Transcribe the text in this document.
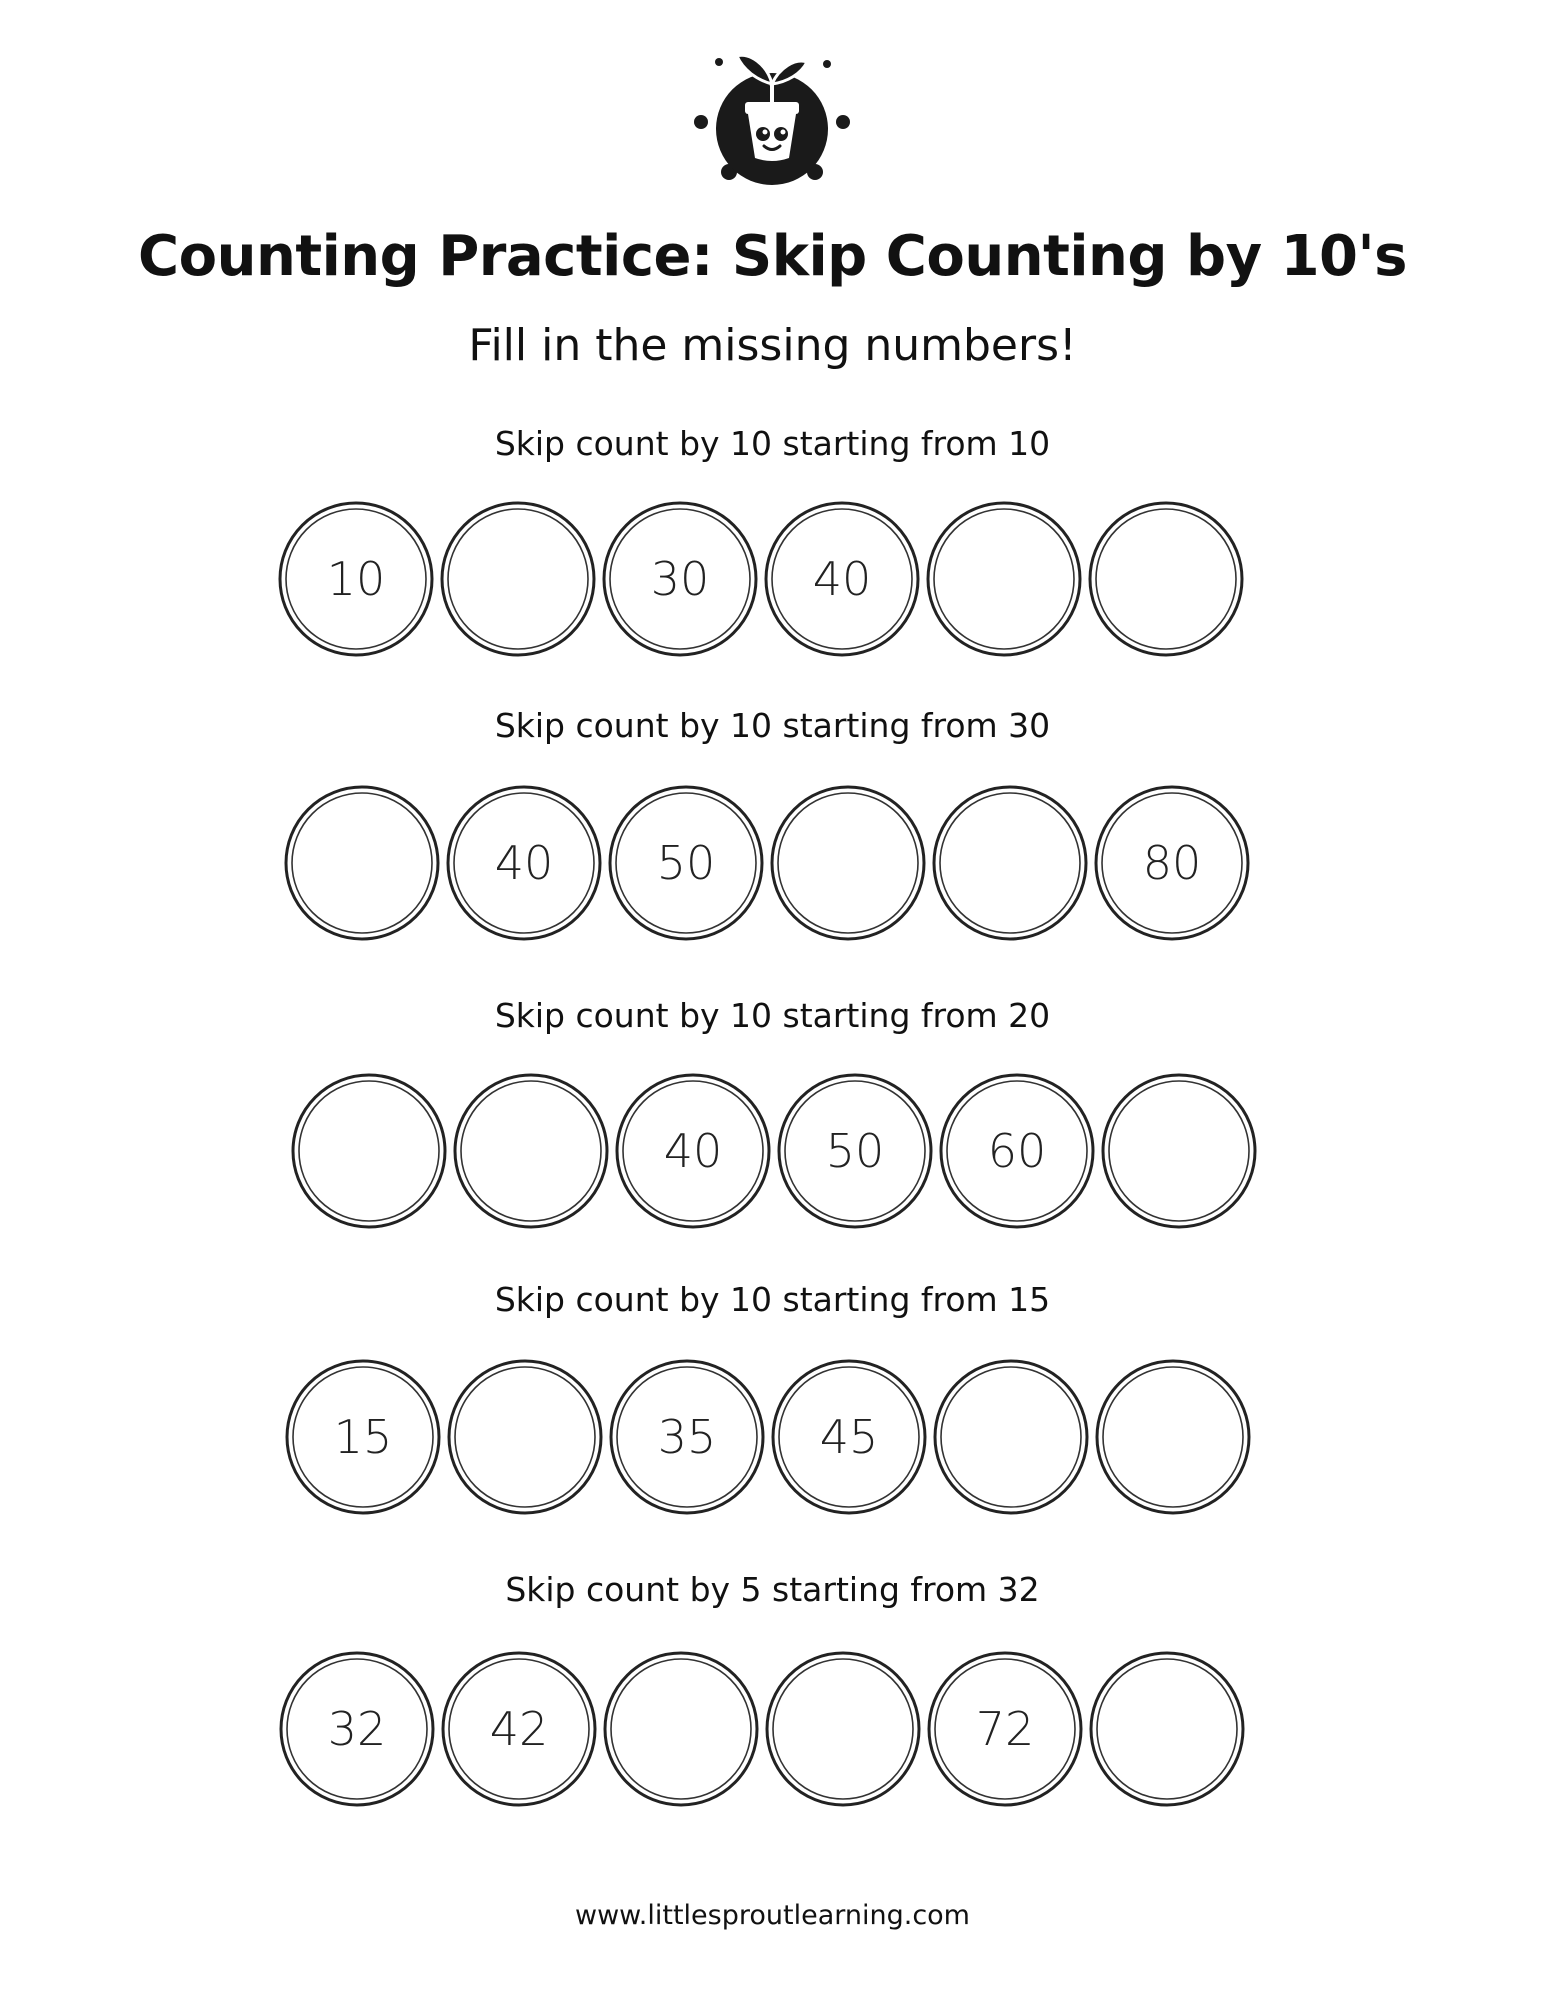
Counting Practice: Skip Counting by 10's

Fill in the missing numbers!

Skip count by 10 starting from 10
10	30	40
Skip count by 10 starting from 30
40	50	80
Skip count by 10 starting from 20
40	50	60
Skip count by 10 starting from 15
15	35	45
Skip count by 5 starting from 32
32	42	72
www.littlesproutlearning.com
